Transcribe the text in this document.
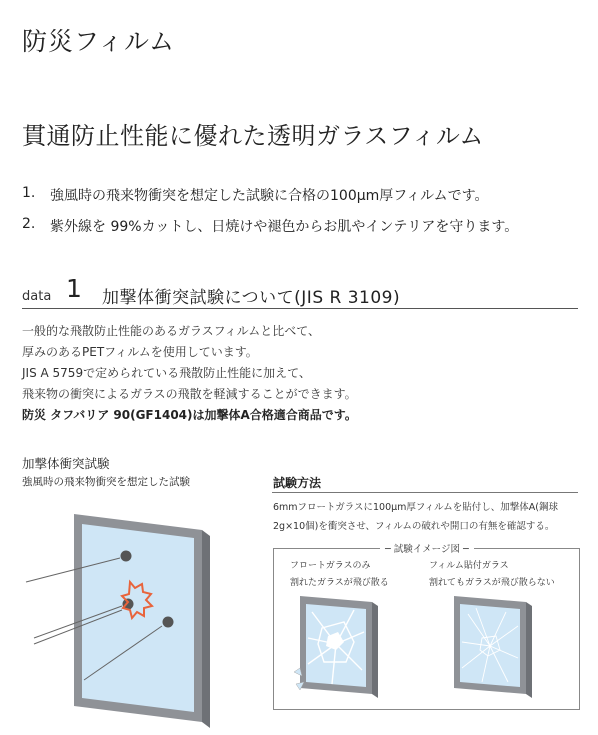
防災フィルム
貫通防止性能に優れた透明ガラスフィルム
1. 強風時の飛来物衝突を想定した試験に合格の100μm厚フィルムです。
2. 紫外線を 99%カットし、日焼けや褪色からお肌やインテリアを守ります。
data 1 加撃体衝突試験について(JIS R 3109)
一般的な飛散防止性能のあるガラスフィルムと比べて、
厚みのあるPETフィルムを使用しています。
JIS A 5759で定められている飛散防止性能に加えて、
飛来物の衝突によるガラスの飛散を軽減することができます。
防災 タフバリア 90(GF1404)は加撃体A合格適合商品です。
加撃体衝突試験
強風時の飛来物衝突を想定した試験	試験方法
6mmフロートガラスに100μm厚フィルムを貼付し、加撃体A(鋼球
2g×10個)を衝突させ、フィルムの破れや開口の有無を確認する。
─ 試験イメージ図 ─
フロートガラスのみ
割れたガラスが飛び散る
フィルム貼付ガラス
割れてもガラスが飛び散らない
